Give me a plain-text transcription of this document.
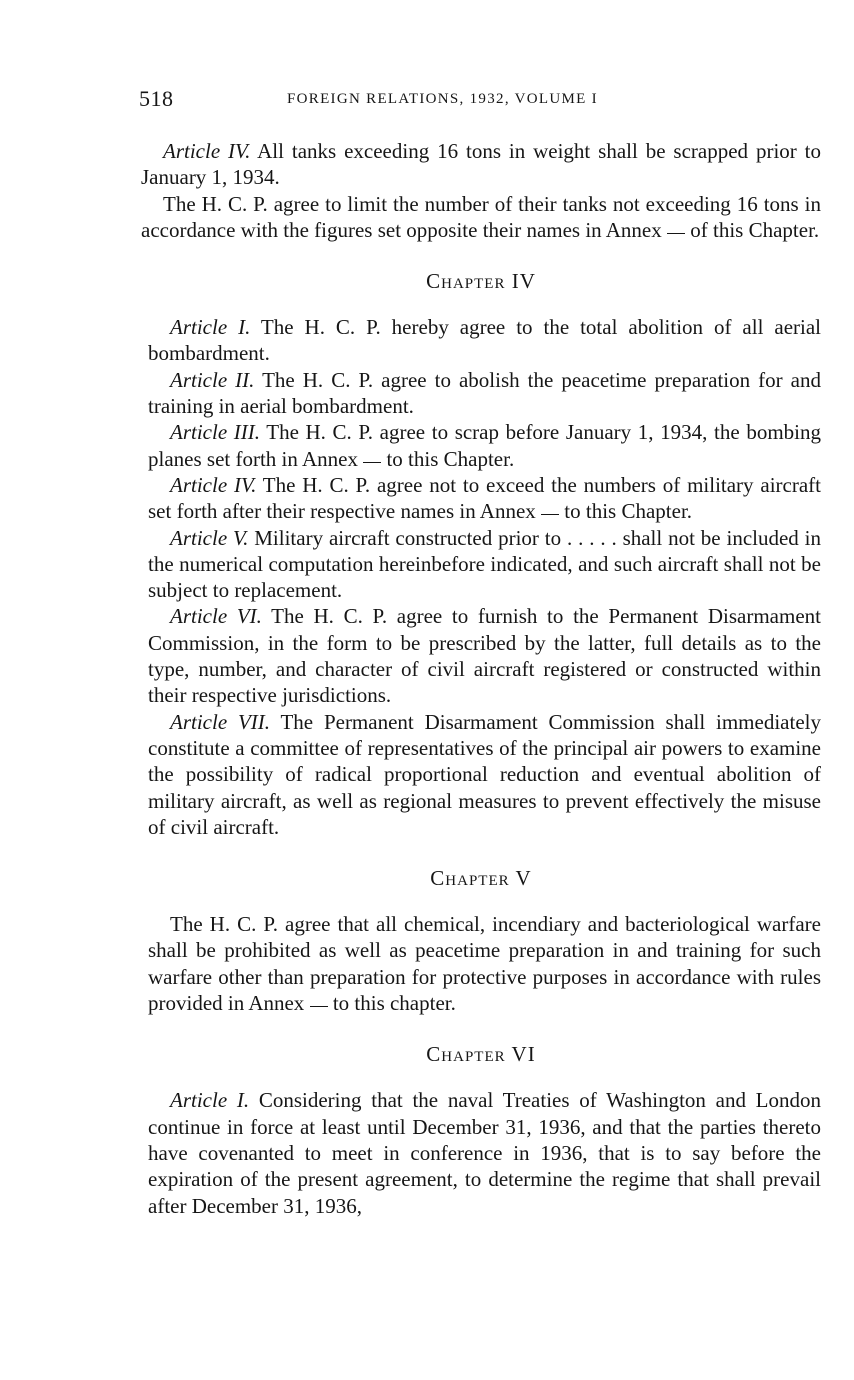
518	FOREIGN RELATIONS, 1932, VOLUME I

Article IV. All tanks exceeding 16 tons in weight shall be scrapped prior to January 1, 1934.

The H. C. P. agree to limit the number of their tanks not exceeding 16 tons in accordance with the figures set opposite their names in Annex  of this Chapter.

Chapter IV

Article I. The H. C. P. hereby agree to the total abolition of all aerial bombardment.

Article II. The H. C. P. agree to abolish the peacetime preparation for and training in aerial bombardment.

Article III. The H. C. P. agree to scrap before January 1, 1934, the bombing planes set forth in Annex  to this Chapter.

Article IV. The H. C. P. agree not to exceed the numbers of military aircraft set forth after their respective names in Annex  to this Chapter.

Article V. Military aircraft constructed prior to . . . . . shall not be included in the numerical computation hereinbefore indicated, and such aircraft shall not be subject to replacement.

Article VI. The H. C. P. agree to furnish to the Permanent Disarmament Commission, in the form to be prescribed by the latter, full details as to the type, number, and character of civil aircraft registered or constructed within their respective jurisdictions.

Article VII. The Permanent Disarmament Commission shall immediately constitute a committee of representatives of the principal air powers to examine the possibility of radical proportional reduction and eventual abolition of military aircraft, as well as regional measures to prevent effectively the misuse of civil aircraft.

Chapter V

The H. C. P. agree that all chemical, incendiary and bacteriological warfare shall be prohibited as well as peacetime preparation in and training for such warfare other than preparation for protective purposes in accordance with rules provided in Annex  to this chapter.

Chapter VI

Article I. Considering that the naval Treaties of Washington and London continue in force at least until December 31, 1936, and that the parties thereto have covenanted to meet in conference in 1936, that is to say before the expiration of the present agreement, to determine the regime that shall prevail after December 31, 1936,
